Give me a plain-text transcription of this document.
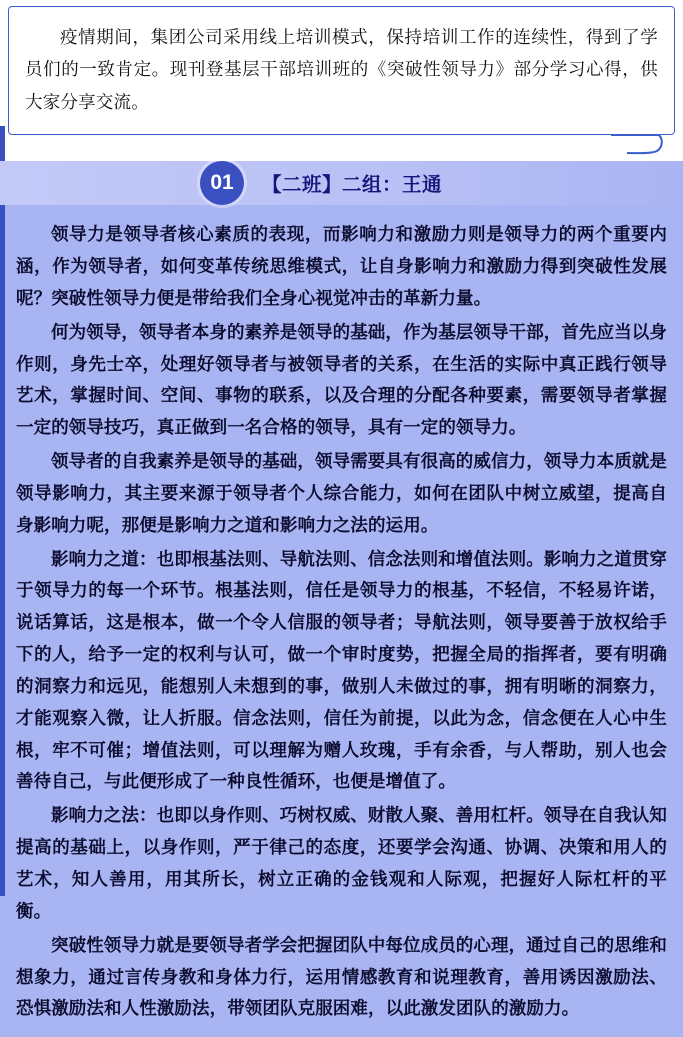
疫情期间，集团公司采用线上培训模式，保持培训工作的连续性，得到了学员们的一致肯定。现刊登基层干部培训班的《突破性领导力》部分学习心得，供大家分享交流。
01	【二班】二组：王通

领导力是领导者核心素质的表现，而影响力和激励力则是领导力的两个重要内涵，作为领导者，如何变革传统思维模式，让自身影响力和激励力得到突破性发展呢？突破性领导力便是带给我们全身心视觉冲击的革新力量。

何为领导，领导者本身的素养是领导的基础，作为基层领导干部，首先应当以身作则，身先士卒，处理好领导者与被领导者的关系，在生活的实际中真正践行领导艺术，掌握时间、空间、事物的联系，以及合理的分配各种要素，需要领导者掌握一定的领导技巧，真正做到一名合格的领导，具有一定的领导力。

领导者的自我素养是领导的基础，领导需要具有很高的威信力，领导力本质就是领导影响力，其主要来源于领导者个人综合能力，如何在团队中树立威望，提高自身影响力呢，那便是影响力之道和影响力之法的运用。

影响力之道：也即根基法则、导航法则、信念法则和增值法则。影响力之道贯穿于领导力的每一个环节。根基法则，信任是领导力的根基，不轻信，不轻易许诺，说话算话，这是根本，做一个令人信服的领导者；导航法则，领导要善于放权给手下的人，给予一定的权利与认可，做一个审时度势，把握全局的指挥者，要有明确的洞察力和远见，能想别人未想到的事，做别人未做过的事，拥有明晰的洞察力，才能观察入微，让人折服。信念法则，信任为前提，以此为念，信念便在人心中生根，牢不可催；增值法则，可以理解为赠人玫瑰，手有余香，与人帮助，别人也会善待自己，与此便形成了一种良性循环，也便是增值了。

影响力之法：也即以身作则、巧树权威、财散人聚、善用杠杆。领导在自我认知提高的基础上，以身作则，严于律己的态度，还要学会沟通、协调、决策和用人的艺术，知人善用，用其所长，树立正确的金钱观和人际观，把握好人际杠杆的平衡。

突破性领导力就是要领导者学会把握团队中每位成员的心理，通过自己的思维和想象力，通过言传身教和身体力行，运用情感教育和说理教育，善用诱因激励法、恐惧激励法和人性激励法，带领团队克服困难，以此激发团队的激励力。
